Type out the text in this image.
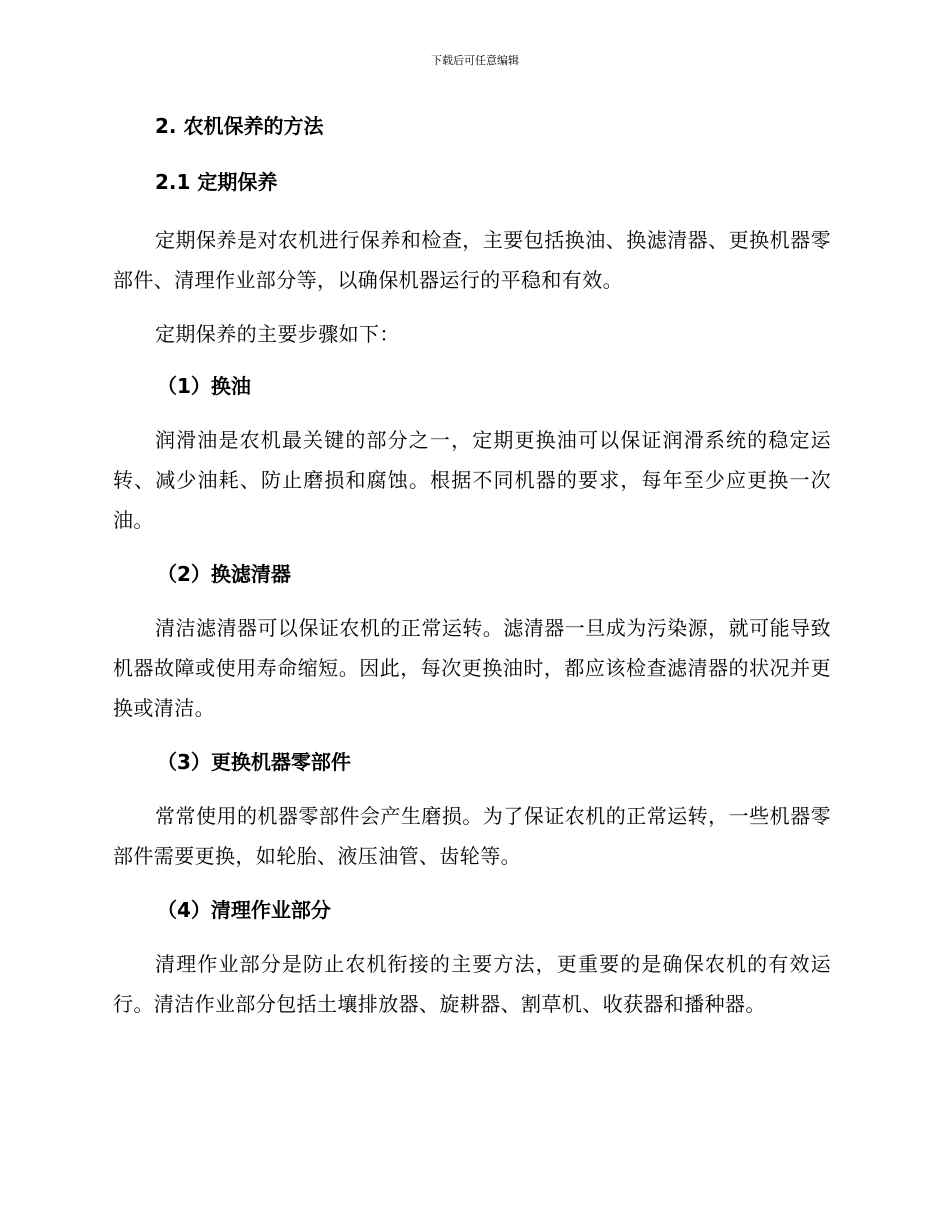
下载后可任意编辑

2. 农机保养的方法

2.1 定期保养

定期保养是对农机进行保养和检查，主要包括换油、换滤清器、更换机器零部件、清理作业部分等，以确保机器运行的平稳和有效。

定期保养的主要步骤如下：

（1）换油

润滑油是农机最关键的部分之一，定期更换油可以保证润滑系统的稳定运转、减少油耗、防止磨损和腐蚀。根据不同机器的要求，每年至少应更换一次油。

（2）换滤清器

清洁滤清器可以保证农机的正常运转。滤清器一旦成为污染源，就可能导致机器故障或使用寿命缩短。因此，每次更换油时，都应该检查滤清器的状况并更换或清洁。

（3）更换机器零部件

常常使用的机器零部件会产生磨损。为了保证农机的正常运转，一些机器零部件需要更换，如轮胎、液压油管、齿轮等。

（4）清理作业部分

清理作业部分是防止农机衔接的主要方法，更重要的是确保农机的有效运行。清洁作业部分包括土壤排放器、旋耕器、割草机、收获器和播种器。
